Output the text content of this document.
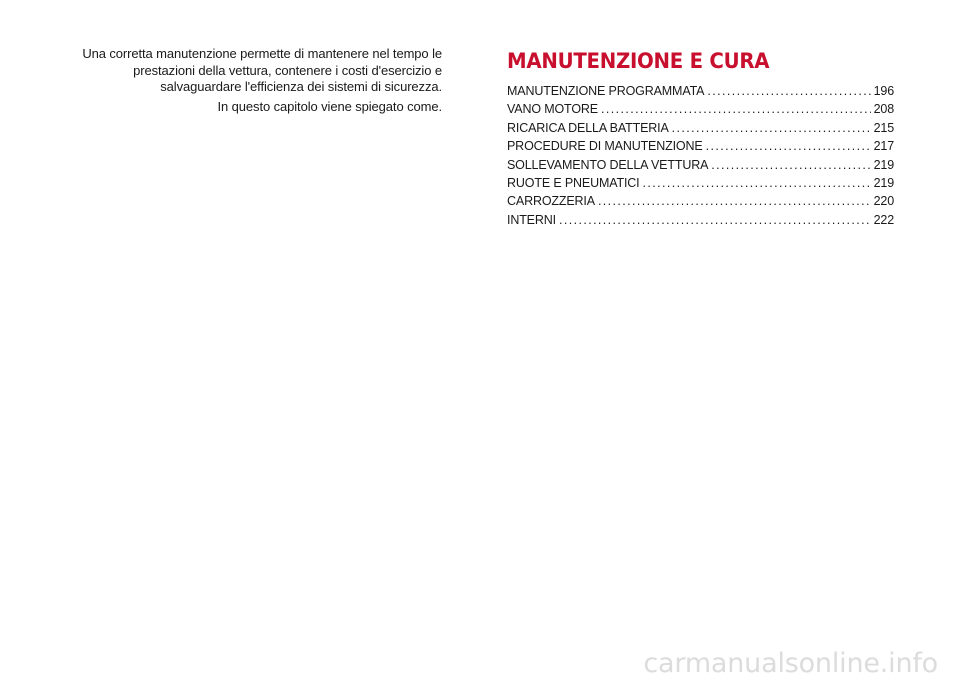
Una corretta manutenzione permette di mantenere nel tempo le prestazioni della vettura, contenere i costi d'esercizio e salvaguardare l'efficienza dei sistemi di sicurezza.

In questo capitolo viene spiegato come.

MANUTENZIONE E CURA
MANUTENZIONE PROGRAMMATA .....	196
VANO MOTORE .....	208
RICARICA DELLA BATTERIA .....	215
PROCEDURE DI MANUTENZIONE .....	217
SOLLEVAMENTO DELLA VETTURA .....	219
RUOTE E PNEUMATICI .....	219
CARROZZERIA .....	220
INTERNI .....	222
carmanualsonline.info
